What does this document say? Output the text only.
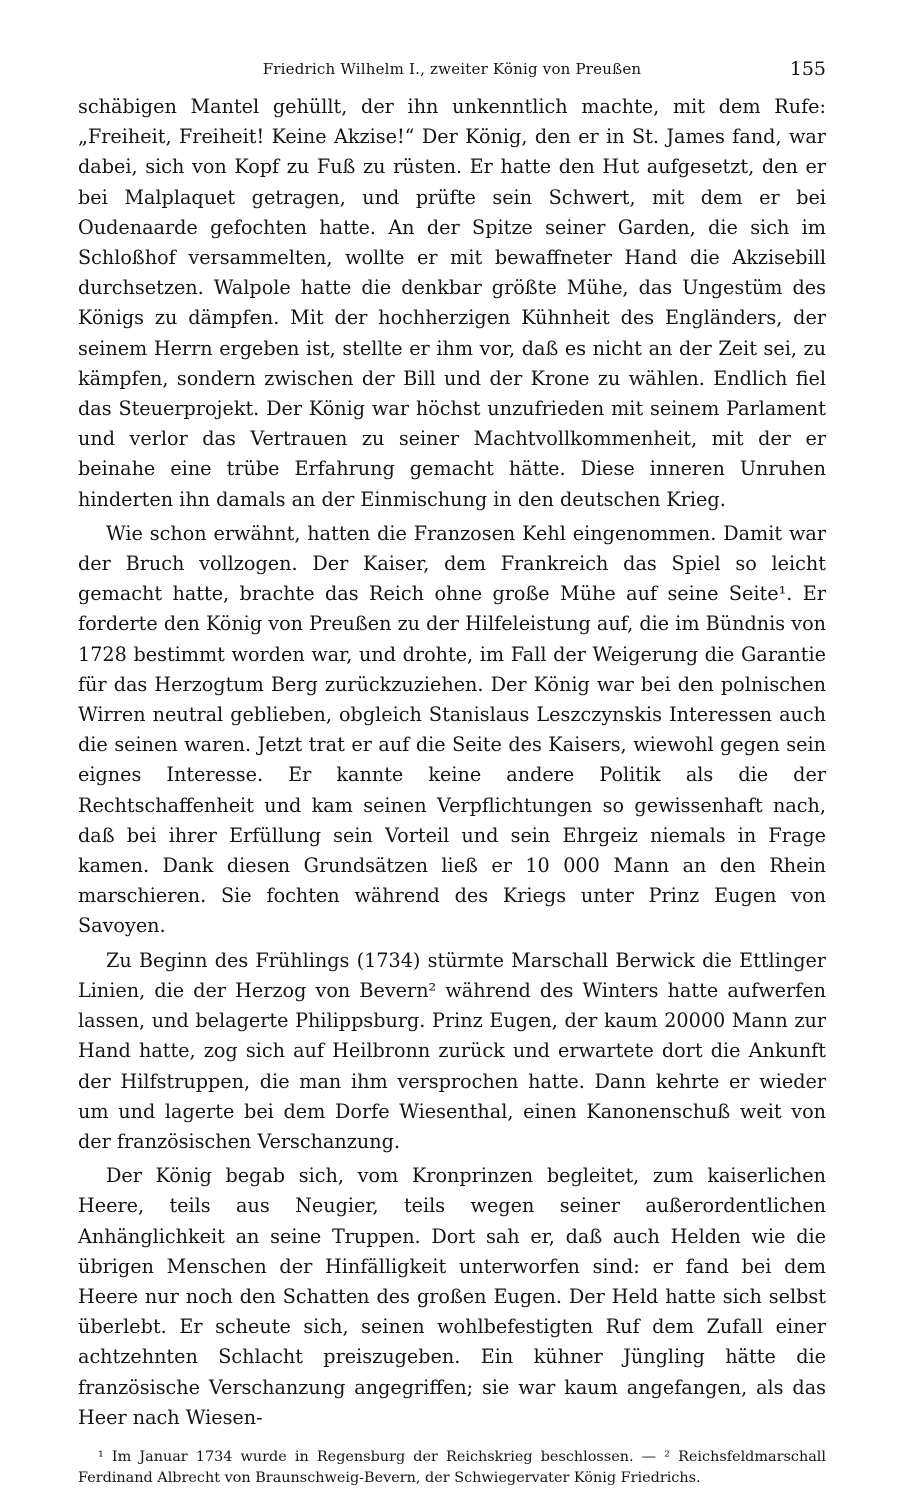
Friedrich Wilhelm I., zweiter König von Preußen	155

schäbigen Mantel gehüllt, der ihn unkenntlich machte, mit dem Rufe: „Freiheit, Freiheit! Keine Akzise!“ Der König, den er in St. James fand, war dabei, sich von Kopf zu Fuß zu rüsten. Er hatte den Hut aufgesetzt, den er bei Malplaquet getragen, und prüfte sein Schwert, mit dem er bei Oudenaarde gefochten hatte. An der Spitze seiner Garden, die sich im Schloßhof versammelten, wollte er mit bewaffneter Hand die Akzisebill durchsetzen. Walpole hatte die denkbar größte Mühe, das Ungestüm des Königs zu dämpfen. Mit der hochherzigen Kühnheit des Engländers, der seinem Herrn ergeben ist, stellte er ihm vor, daß es nicht an der Zeit sei, zu kämpfen, sondern zwischen der Bill und der Krone zu wählen. Endlich fiel das Steuerprojekt. Der König war höchst unzufrieden mit seinem Parlament und verlor das Vertrauen zu seiner Machtvollkommenheit, mit der er beinahe eine trübe Erfahrung gemacht hätte. Diese inneren Unruhen hinderten ihn damals an der Einmischung in den deutschen Krieg.

Wie schon erwähnt, hatten die Franzosen Kehl eingenommen. Damit war der Bruch vollzogen. Der Kaiser, dem Frankreich das Spiel so leicht gemacht hatte, brachte das Reich ohne große Mühe auf seine Seite¹. Er forderte den König von Preußen zu der Hilfeleistung auf, die im Bündnis von 1728 bestimmt worden war, und drohte, im Fall der Weigerung die Garantie für das Herzogtum Berg zurückzuziehen. Der König war bei den polnischen Wirren neutral geblieben, obgleich Stanislaus Leszczynskis Interessen auch die seinen waren. Jetzt trat er auf die Seite des Kaisers, wiewohl gegen sein eignes Interesse. Er kannte keine andere Politik als die der Rechtschaffenheit und kam seinen Verpflichtungen so gewissenhaft nach, daß bei ihrer Erfüllung sein Vorteil und sein Ehrgeiz niemals in Frage kamen. Dank diesen Grundsätzen ließ er 10 000 Mann an den Rhein marschieren. Sie fochten während des Kriegs unter Prinz Eugen von Savoyen.

Zu Beginn des Frühlings (1734) stürmte Marschall Berwick die Ettlinger Linien, die der Herzog von Bevern² während des Winters hatte aufwerfen lassen, und belagerte Philippsburg. Prinz Eugen, der kaum 20000 Mann zur Hand hatte, zog sich auf Heilbronn zurück und erwartete dort die Ankunft der Hilfstruppen, die man ihm versprochen hatte. Dann kehrte er wieder um und lagerte bei dem Dorfe Wiesenthal, einen Kanonenschuß weit von der französischen Verschanzung.

Der König begab sich, vom Kronprinzen begleitet, zum kaiserlichen Heere, teils aus Neugier, teils wegen seiner außerordentlichen Anhänglichkeit an seine Truppen. Dort sah er, daß auch Helden wie die übrigen Menschen der Hinfälligkeit unterworfen sind: er fand bei dem Heere nur noch den Schatten des großen Eugen. Der Held hatte sich selbst überlebt. Er scheute sich, seinen wohlbefestigten Ruf dem Zufall einer achtzehnten Schlacht preiszugeben. Ein kühner Jüngling hätte die französische Verschanzung angegriffen; sie war kaum angefangen, als das Heer nach Wiesen-

¹ Im Januar 1734 wurde in Regensburg der Reichskrieg beschlossen. — ² Reichsfeldmarschall Ferdinand Albrecht von Braunschweig-Bevern, der Schwiegervater König Friedrichs.
